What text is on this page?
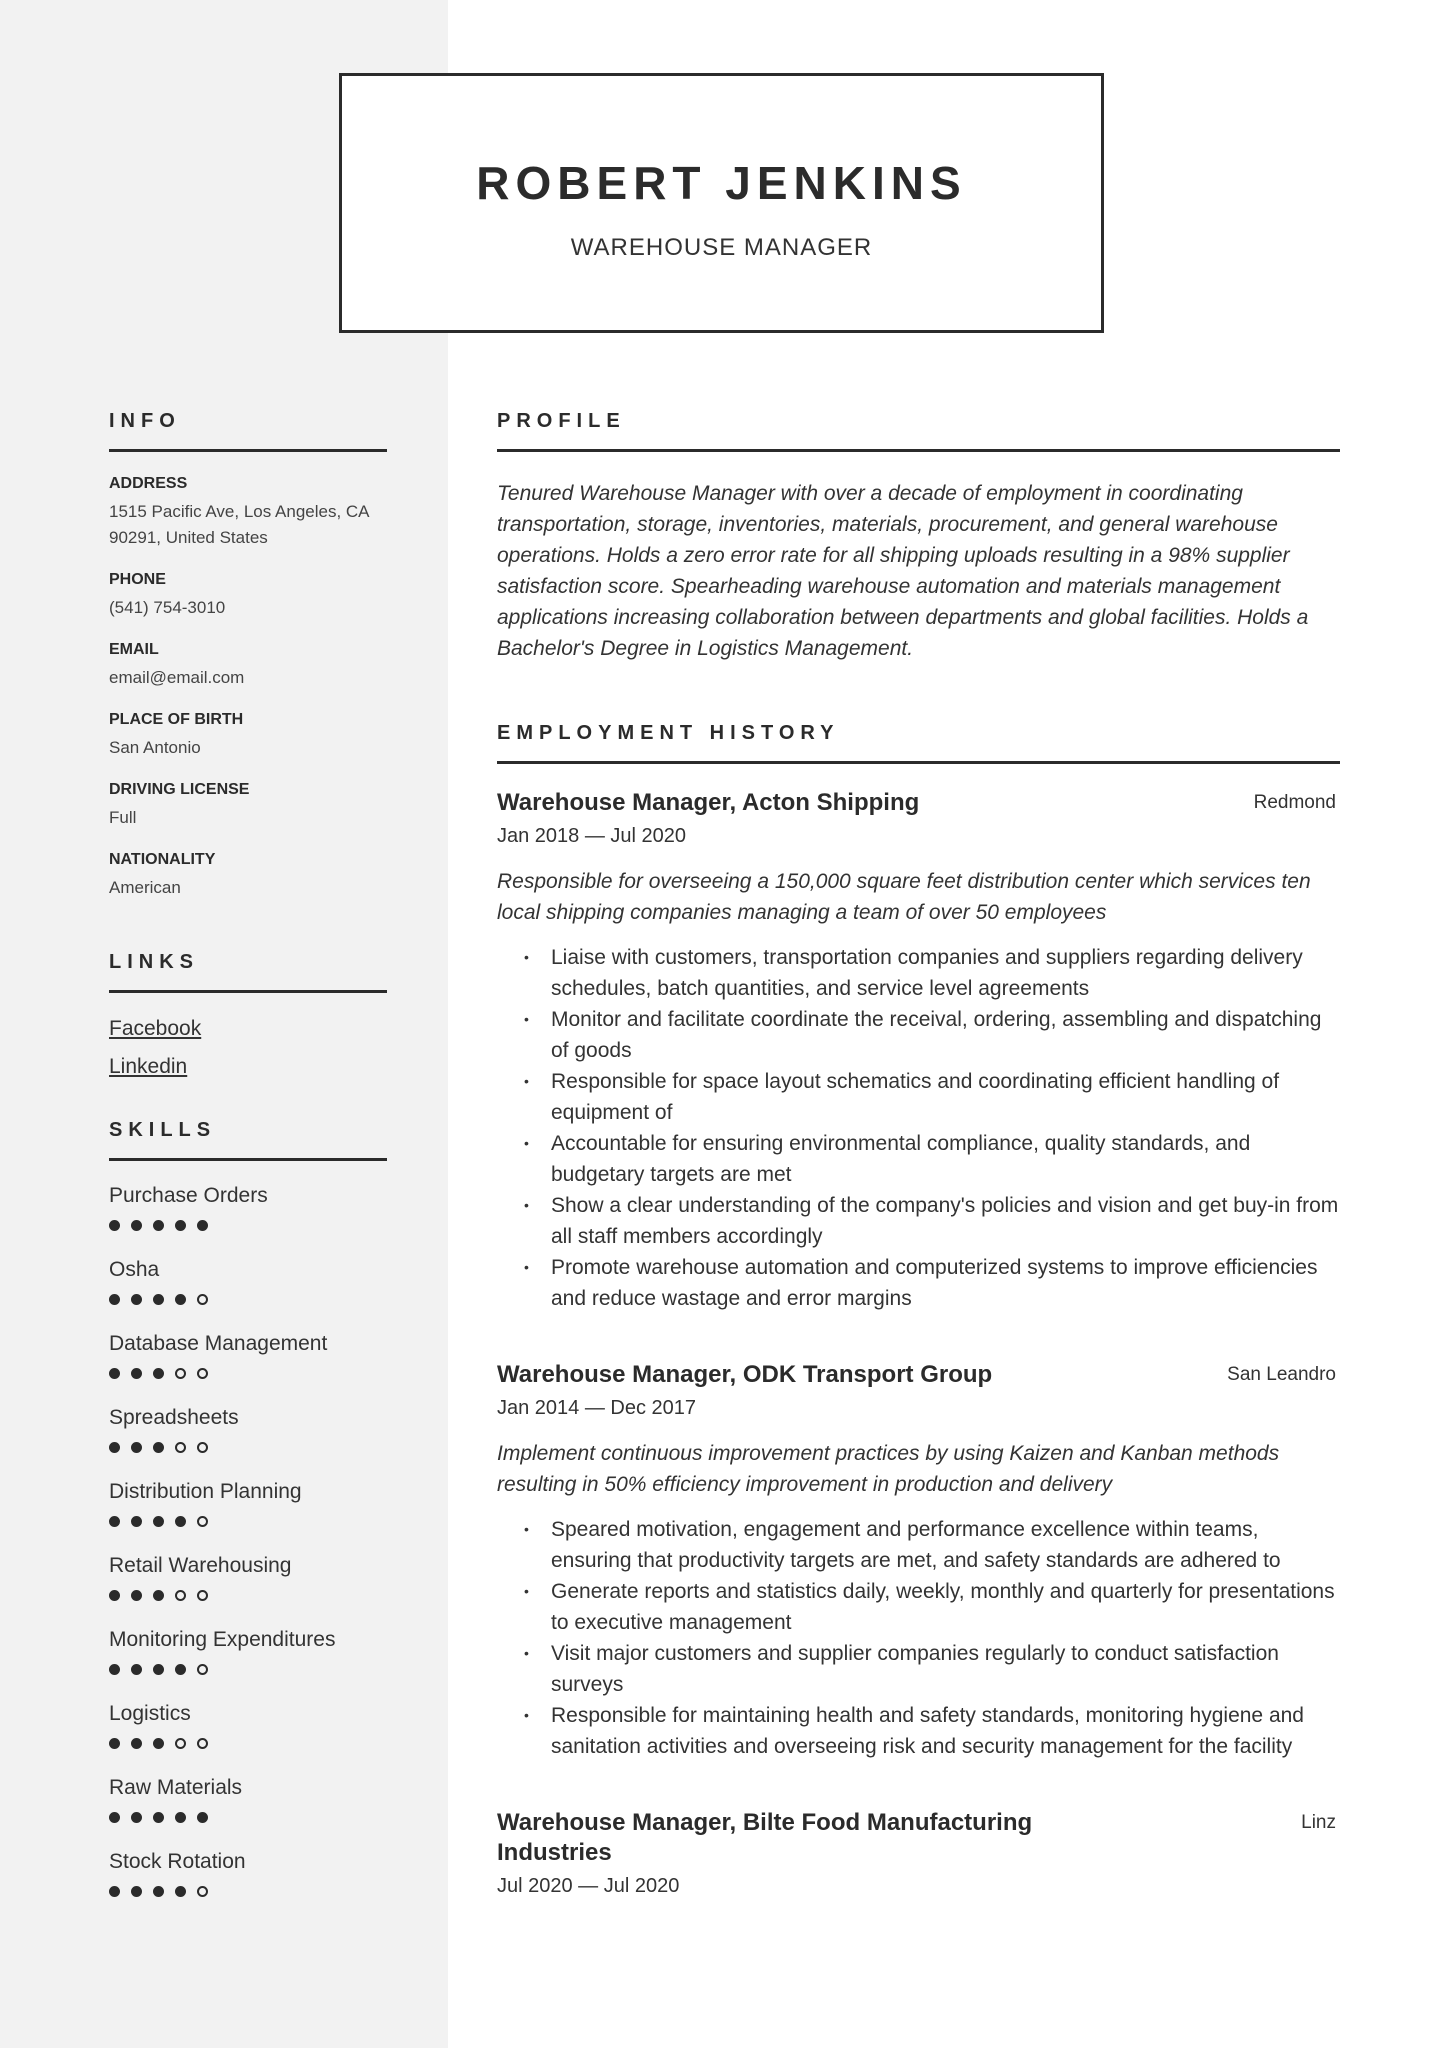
ROBERT JENKINS
WAREHOUSE MANAGER
INFO
ADDRESS
1515 Pacific Ave, Los Angeles, CA 90291, United States
PHONE
(541) 754-3010
EMAIL
email@email.com
PLACE OF BIRTH
San Antonio
DRIVING LICENSE
Full
NATIONALITY
American
LINKS
Facebook
Linkedin
SKILLS
Purchase Orders
Osha
Database Management
Spreadsheets
Distribution Planning
Retail Warehousing
Monitoring Expenditures
Logistics
Raw Materials
Stock Rotation
PROFILE

Tenured Warehouse Manager with over a decade of employment in coordinating transportation, storage, inventories, materials, procurement, and general warehouse operations. Holds a zero error rate for all shipping uploads resulting in a 98% supplier satisfaction score. Spearheading warehouse automation and materials management applications increasing collaboration between departments and global facilities. Holds a Bachelor's Degree in Logistics Management.

EMPLOYMENT HISTORY
Warehouse Manager, Acton Shipping	Redmond
Jan 2018 — Jul 2020

Responsible for overseeing a 150,000 square feet distribution center which services ten local shipping companies managing a team of over 50 employees

• Liaise with customers, transportation companies and suppliers regarding delivery schedules, batch quantities, and service level agreements
• Monitor and facilitate coordinate the receival, ordering, assembling and dispatching of goods
• Responsible for space layout schematics and coordinating efficient handling of equipment of
• Accountable for ensuring environmental compliance, quality standards, and budgetary targets are met
• Show a clear understanding of the company's policies and vision and get buy-in from all staff members accordingly
• Promote warehouse automation and computerized systems to improve efficiencies and reduce wastage and error margins
Warehouse Manager, ODK Transport Group	San Leandro
Jan 2014 — Dec 2017

Implement continuous improvement practices by using Kaizen and Kanban methods resulting in 50% efficiency improvement in production and delivery

• Speared motivation, engagement and performance excellence within teams, ensuring that productivity targets are met, and safety standards are adhered to
• Generate reports and statistics daily, weekly, monthly and quarterly for presentations to executive management
• Visit major customers and supplier companies regularly to conduct satisfaction surveys
• Responsible for maintaining health and safety standards, monitoring hygiene and sanitation activities and overseeing risk and security management for the facility
Warehouse Manager, Bilte Food Manufacturing Industries
Linz
Jul 2020 — Jul 2020
